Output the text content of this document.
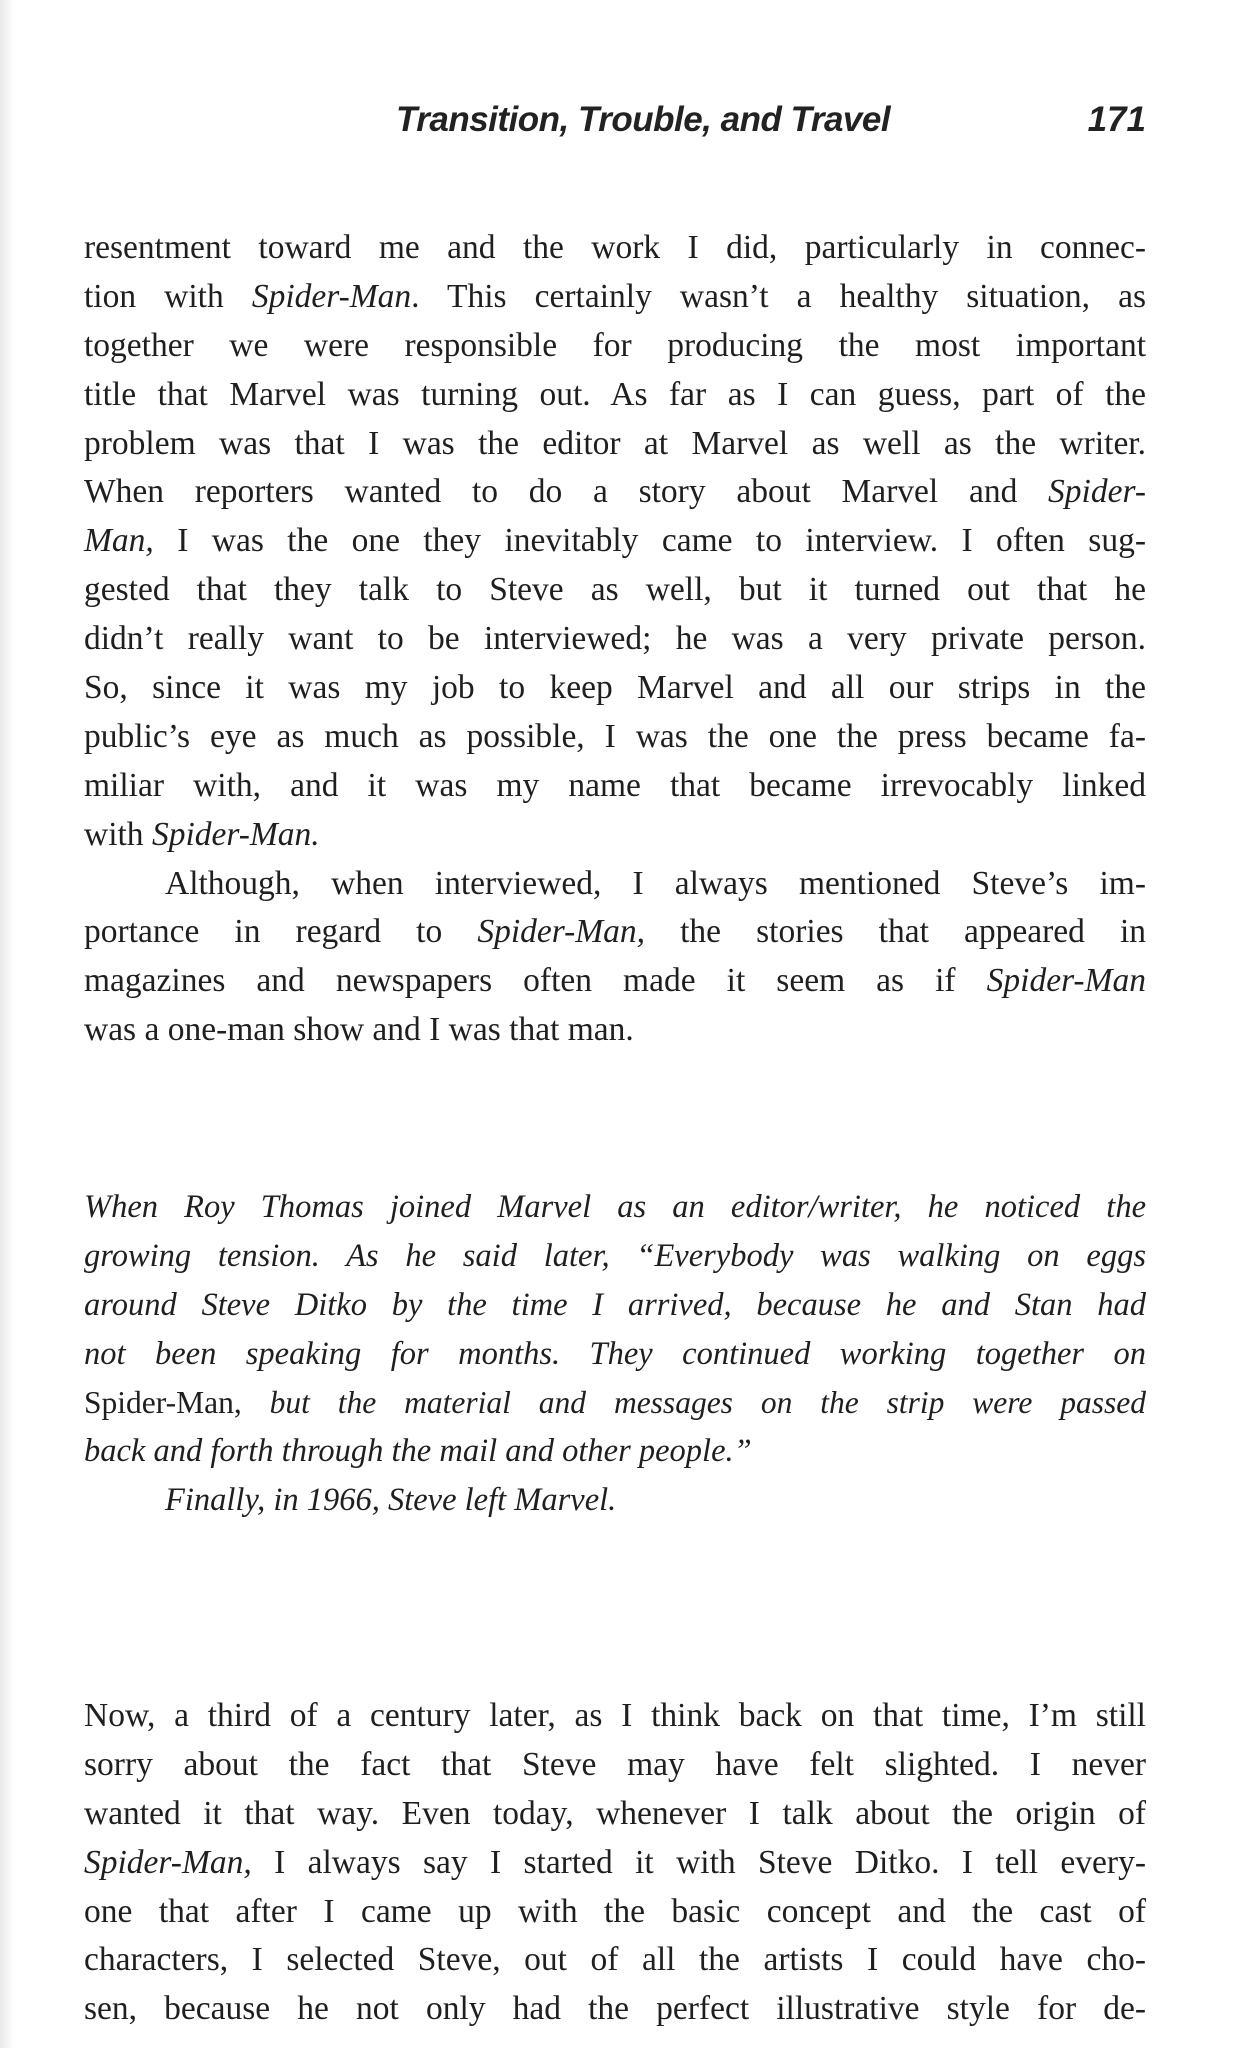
Transition, Trouble, and Travel	171
resentment toward me and the work I did, particularly in connec-
tion with Spider-Man. This certainly wasn’t a healthy situation, as
together we were responsible for producing the most important
title that Marvel was turning out. As far as I can guess, part of the
problem was that I was the editor at Marvel as well as the writer.
When reporters wanted to do a story about Marvel and Spider-
Man, I was the one they inevitably came to interview. I often sug-
gested that they talk to Steve as well, but it turned out that he
didn’t really want to be interviewed; he was a very private person.
So, since it was my job to keep Marvel and all our strips in the
public’s eye as much as possible, I was the one the press became fa-
miliar with, and it was my name that became irrevocably linked
with Spider-Man.
Although, when interviewed, I always mentioned Steve’s im-
portance in regard to Spider-Man, the stories that appeared in
magazines and newspapers often made it seem as if Spider-Man
was a one-man show and I was that man.
When Roy Thomas joined Marvel as an editor/writer, he noticed the
growing tension. As he said later, “Everybody was walking on eggs
around Steve Ditko by the time I arrived, because he and Stan had
not been speaking for months. They continued working together on
Spider-Man, but the material and messages on the strip were passed
back and forth through the mail and other people.”
Finally, in 1966, Steve left Marvel.
Now, a third of a century later, as I think back on that time, I’m still
sorry about the fact that Steve may have felt slighted. I never
wanted it that way. Even today, whenever I talk about the origin of
Spider-Man, I always say I started it with Steve Ditko. I tell every-
one that after I came up with the basic concept and the cast of
characters, I selected Steve, out of all the artists I could have cho-
sen, because he not only had the perfect illustrative style for de-
